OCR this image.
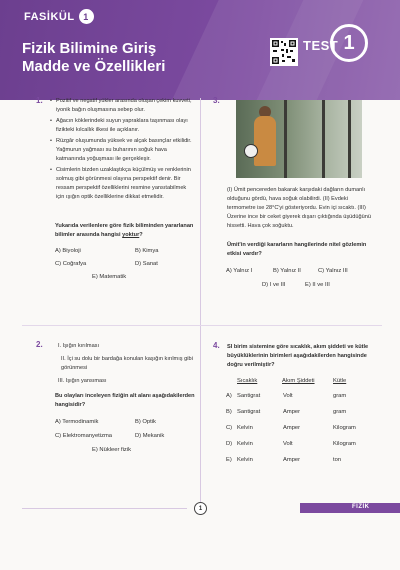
FASİKÜL 1
Fizik Bilimine Giriş
Madde ve Özellikleri
TEST 1
1. • Pozitif ve negatif yükler arasında oluşan çekim kuvveti, iyonik bağın oluşmasına sebep olur.
• Ağacın köklerindeki suyun yapraklara taşınması olayı fizikteki kılcallık ilkesi ile açıklanır.
• Rüzgâr oluşumunda yüksek ve alçak basınçlar etkilidir. Yağmurun yağması su buharının soğuk hava katmanında yoğuşması ile gerçekleşir.
• Cisimlerin bizden uzaklaştıkça küçülmüş ve renklerinin solmuş gibi görünmesi olayına perspektif denir. Bir ressam perspektif özelliklerini resmine yansıtabilmek için ışığın optik özelliklerine dikkat etmelidir.
Yukarıda verilenlere göre fizik biliminden yararlanan bilimler arasında hangisi yoktur?
A) Biyoloji	B) Kimya
C) Coğrafya	D) Sanat
E) Matematik
3.
(I) Ümit pencereden bakarak karşıdaki dağların dumanlı olduğunu gördü, hava soğuk olabilirdi. (II) Evdeki termometre ise 28°C'yi gösteriyordu. Evin içi sıcaktı. (III) Üzerine ince bir ceket giyerek dışarı çıktığında üşüdüğünü hissetti. Hava çok soğuktu.
Ümit'in verdiği kararların hangilerinde nitel gözlemin etkisi vardır?
A) Yalnız I	B) Yalnız II	C) Yalnız III
D) I ve III	E) II ve III
2.	I. Işığın kırılması
II. İçi su dolu bir bardağa konulan kaşığın kırılmış gibi görünmesi
III. Işığın yansıması
Bu olayları inceleyen fiziğin alt alanı aşağıdakilerden hangisidir?
A) Termodinamik	B) Optik
C) Elektromanyetizma	D) Mekanik
E) Nükleer fizik
4. SI birim sistemine göre sıcaklık, akım şiddeti ve kütle büyüklüklerinin birimleri aşağıdakilerden hangisinde doğru verilmiştir?
Sıcaklık	Akım Şiddeti	Kütle
A) Santigrat	Volt	gram
B) Santigrat	Amper	gram
C) Kelvin	Amper	Kilogram
D) Kelvin	Volt	Kilogram
E) Kelvin	Amper	ton
1	FİZİK
